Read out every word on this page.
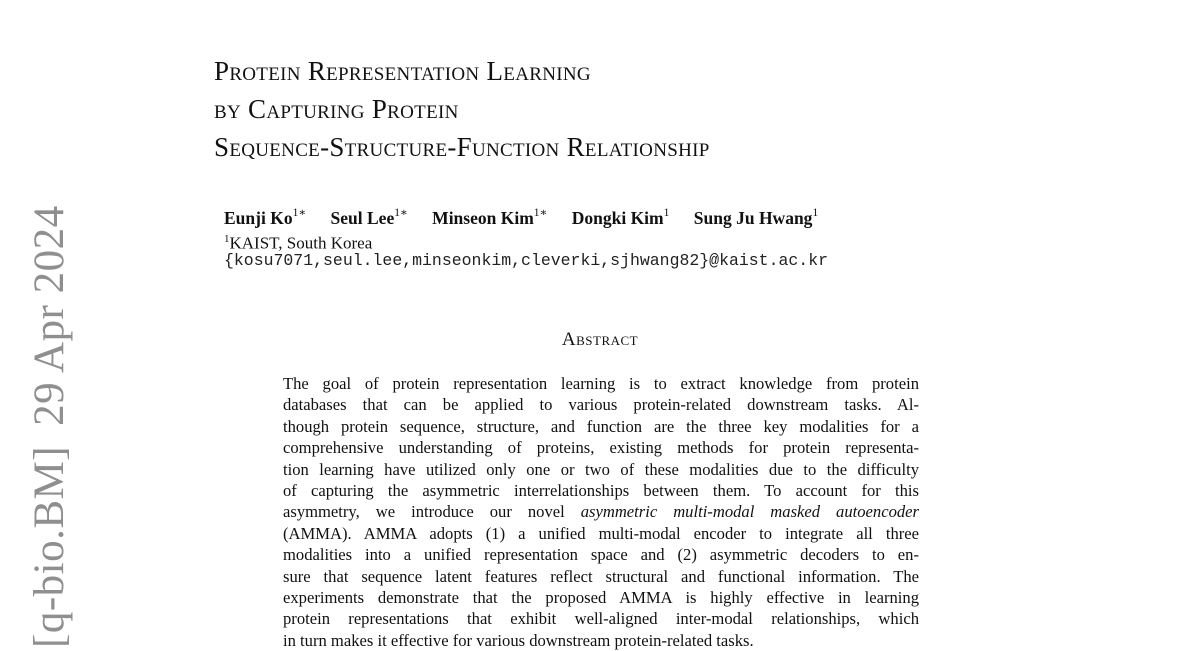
[q-bio.BM]29 Apr 2024
Protein Representation Learning
by Capturing Protein
Sequence-Structure-Function Relationship
Eunji $Ko^{1∗}$ Seul Lee$^{1∗}$ Minseon Kim$^{1∗}$ Dongki Kim$^1$ Sung Ju Hwang$^1$
$^1$KAIST, South Korea
{kosu7071,seul.lee,minseonkim,cleverki,sjhwang82}@kaist.ac.kr
Abstract
The goal of protein representation learning is to extract knowledge from protein
databases that can be applied to various protein-related downstream tasks. Al-
though protein sequence, structure, and function are the three key modalities for a
comprehensive understanding of proteins, existing methods for protein representa-
tion learning have utilized only one or two of these modalities due to the difficulty
of capturing the asymmetric interrelationships between them. To account for this
asymmetry, we introduce our novel asymmetric multi-modal masked autoencoder
(AMMA). AMMA adopts (1) a unified multi-modal encoder to integrate all three
modalities into a unified representation space and (2) asymmetric decoders to en-
sure that sequence latent features reflect structural and functional information. The
experiments demonstrate that the proposed AMMA is highly effective in learning
protein representations that exhibit well-aligned inter-modal relationships, which
in turn makes it effective for various downstream protein-related tasks.
